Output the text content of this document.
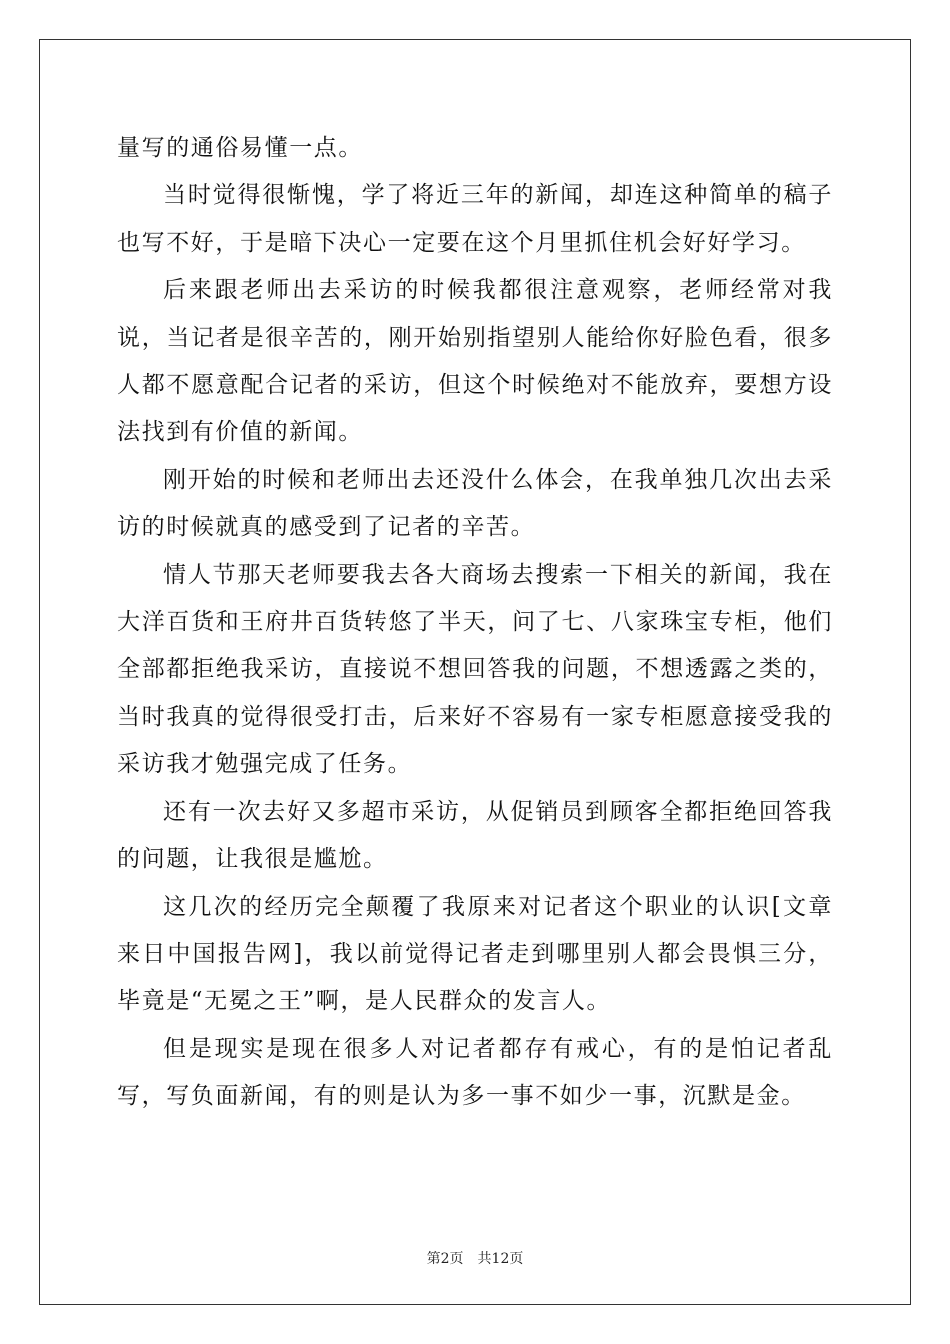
量写的通俗易懂一点。

当时觉得很惭愧，学了将近三年的新闻，却连这种简单的稿子也写不好，于是暗下决心一定要在这个月里抓住机会好好学习。

后来跟老师出去采访的时候我都很注意观察，老师经常对我说，当记者是很辛苦的，刚开始别指望别人能给你好脸色看，很多人都不愿意配合记者的采访，但这个时候绝对不能放弃，要想方设法找到有价值的新闻。

刚开始的时候和老师出去还没什么体会，在我单独几次出去采访的时候就真的感受到了记者的辛苦。

情人节那天老师要我去各大商场去搜索一下相关的新闻，我在大洋百货和王府井百货转悠了半天，问了七、八家珠宝专柜，他们全部都拒绝我采访，直接说不想回答我的问题，不想透露之类的，当时我真的觉得很受打击，后来好不容易有一家专柜愿意接受我的采访我才勉强完成了任务。

还有一次去好又多超市采访，从促销员到顾客全都拒绝回答我的问题，让我很是尴尬。

这几次的经历完全颠覆了我原来对记者这个职业的认识[文章来日中国报告网]，我以前觉得记者走到哪里别人都会畏惧三分，毕竟是“无冕之王”啊，是人民群众的发言人。

但是现实是现在很多人对记者都存有戒心，有的是怕记者乱写，写负面新闻，有的则是认为多一事不如少一事，沉默是金。

第2页 共12页
